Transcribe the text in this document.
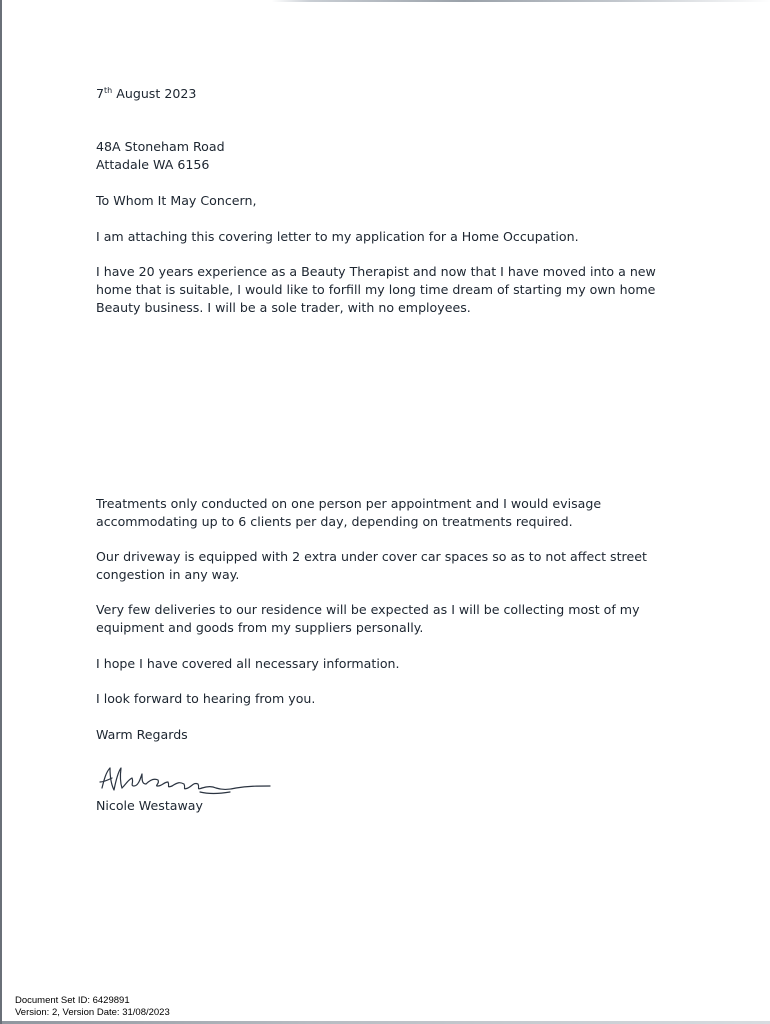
7th August 2023

48A Stoneham Road

Attadale WA 6156

To Whom It May Concern,

I am attaching this covering letter to my application for a Home Occupation.

I have 20 years experience as a Beauty Therapist and now that I have moved into a new
home that is suitable, I would like to forfill my long time dream of starting my own home
Beauty business. I will be a sole trader, with no employees.
Treatments only conducted on one person per appointment and I would evisage
accommodating up to 6 clients per day, depending on treatments required.
Our driveway is equipped with 2 extra under cover car spaces so as to not affect street
congestion in any way.
Very few deliveries to our residence will be expected as I will be collecting most of my
equipment and goods from my suppliers personally.

I hope I have covered all necessary information.

I look forward to hearing from you.

Warm Regards

Nicole Westaway

Document Set ID: 6429891
Version: 2, Version Date: 31/08/2023
